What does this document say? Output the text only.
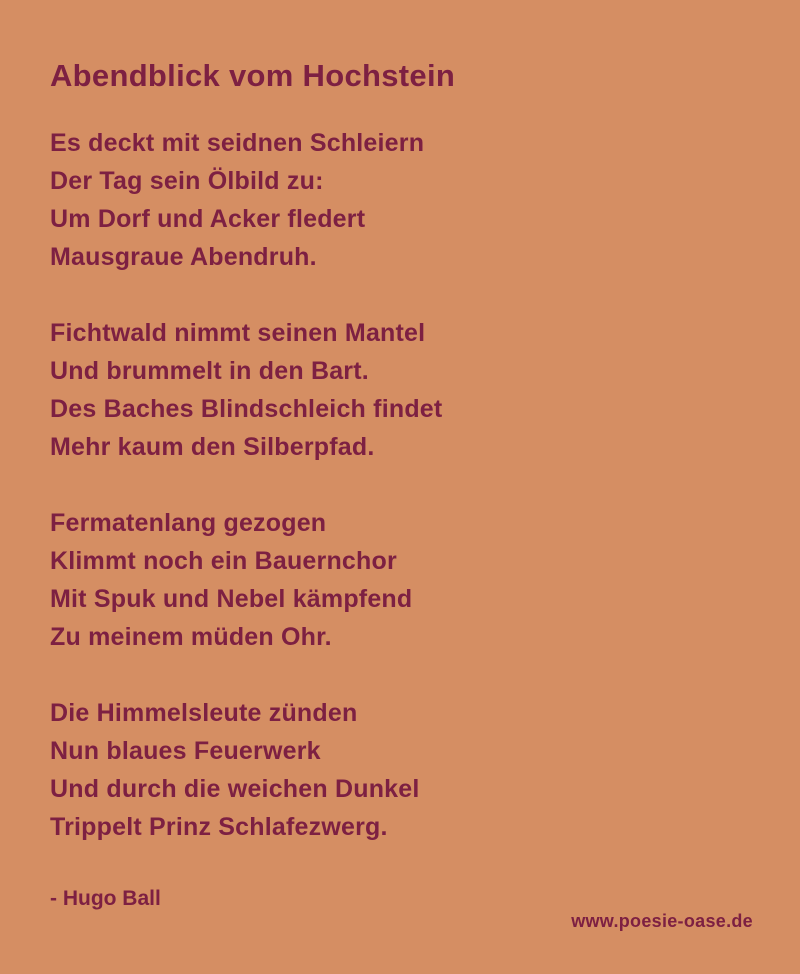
Abendblick vom Hochstein

Es deckt mit seidnen Schleiern

Der Tag sein Ölbild zu:

Um Dorf und Acker fledert

Mausgraue Abendruh.

Fichtwald nimmt seinen Mantel

Und brummelt in den Bart.

Des Baches Blindschleich findet

Mehr kaum den Silberpfad.

Fermatenlang gezogen

Klimmt noch ein Bauernchor

Mit Spuk und Nebel kämpfend

Zu meinem müden Ohr.

Die Himmelsleute zünden

Nun blaues Feuerwerk

Und durch die weichen Dunkel

Trippelt Prinz Schlafezwerg.

- Hugo Ball

www.poesie-oase.de
